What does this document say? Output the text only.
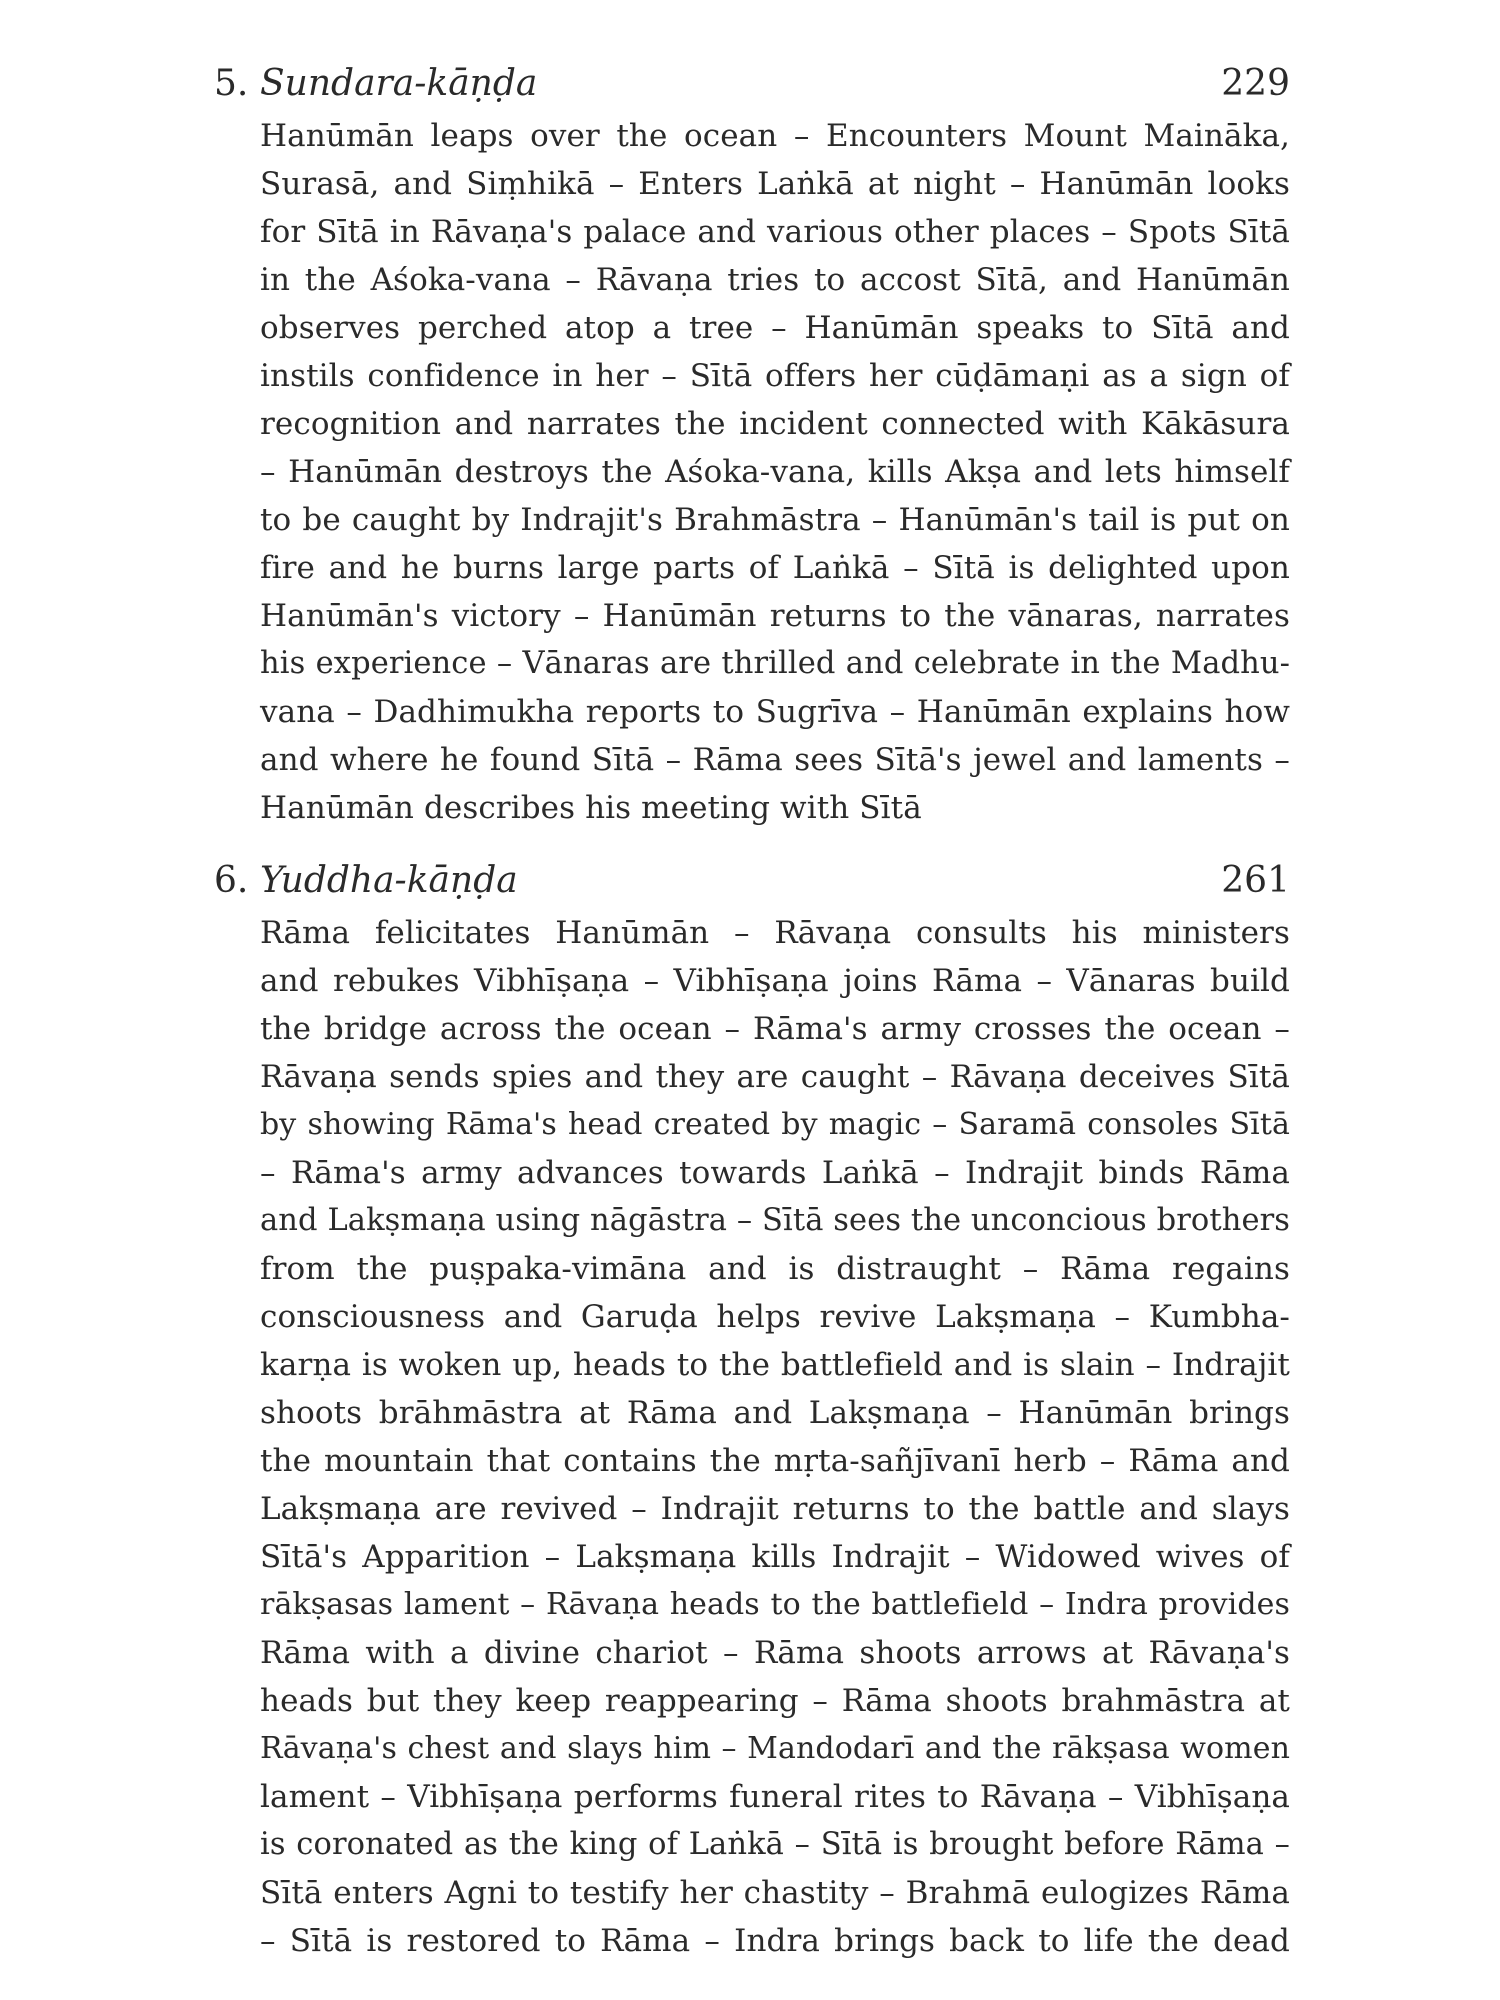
5. Sundara-kāṇḍa	229
Hanūmān leaps over the ocean – Encounters Mount Maināka,
Surasā, and Siṃhikā – Enters Laṅkā at night – Hanūmān looks
for Sītā in Rāvaṇa's palace and various other places – Spots Sītā
in the Aśoka-vana – Rāvaṇa tries to accost Sītā, and Hanūmān
observes perched atop a tree – Hanūmān speaks to Sītā and
instils confidence in her – Sītā offers her cūḍāmaṇi as a sign of
recognition and narrates the incident connected with Kākāsura
– Hanūmān destroys the Aśoka-vana, kills Akṣa and lets himself
to be caught by Indrajit's Brahmāstra – Hanūmān's tail is put on
fire and he burns large parts of Laṅkā – Sītā is delighted upon
Hanūmān's victory – Hanūmān returns to the vānaras, narrates
his experience – Vānaras are thrilled and celebrate in the Madhu-
vana – Dadhimukha reports to Sugrīva – Hanūmān explains how
and where he found Sītā – Rāma sees Sītā's jewel and laments –
Hanūmān describes his meeting with Sītā
6. Yuddha-kāṇḍa	261
Rāma felicitates Hanūmān – Rāvaṇa consults his ministers
and rebukes Vibhīṣaṇa – Vibhīṣaṇa joins Rāma – Vānaras build
the bridge across the ocean – Rāma's army crosses the ocean –
Rāvaṇa sends spies and they are caught – Rāvaṇa deceives Sītā
by showing Rāma's head created by magic – Saramā consoles Sītā
– Rāma's army advances towards Laṅkā – Indrajit binds Rāma
and Lakṣmaṇa using nāgāstra – Sītā sees the unconcious brothers
from the puṣpaka-vimāna and is distraught – Rāma regains
consciousness and Garuḍa helps revive Lakṣmaṇa – Kumbha-
karṇa is woken up, heads to the battlefield and is slain – Indrajit
shoots brāhmāstra at Rāma and Lakṣmaṇa – Hanūmān brings
the mountain that contains the mṛta-sañjīvanī herb – Rāma and
Lakṣmaṇa are revived – Indrajit returns to the battle and slays
Sītā's Apparition – Lakṣmaṇa kills Indrajit – Widowed wives of
rākṣasas lament – Rāvaṇa heads to the battlefield – Indra provides
Rāma with a divine chariot – Rāma shoots arrows at Rāvaṇa's
heads but they keep reappearing – Rāma shoots brahmāstra at
Rāvaṇa's chest and slays him – Mandodarī and the rākṣasa women
lament – Vibhīṣaṇa performs funeral rites to Rāvaṇa – Vibhīṣaṇa
is coronated as the king of Laṅkā – Sītā is brought before Rāma –
Sītā enters Agni to testify her chastity – Brahmā eulogizes Rāma
– Sītā is restored to Rāma – Indra brings back to life the dead
